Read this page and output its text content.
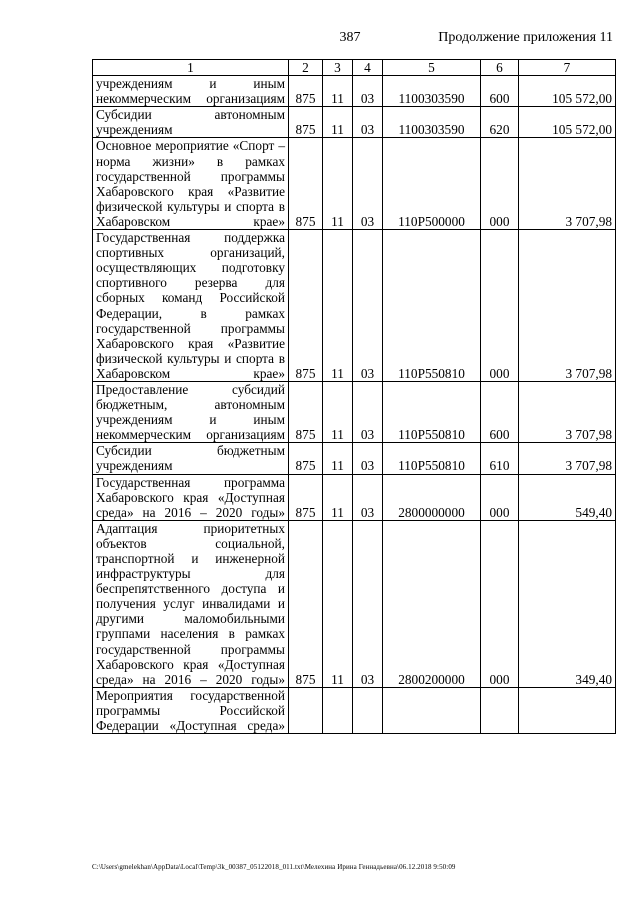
387	Продолжение приложения 11
1	2	3	4	5	6	7
учреждениям и иным некоммерческим организациям	875	11	03	1100303590	600	105 572,00
Субсидии автономным учреждениям	875	11	03	1100303590	620	105 572,00
Основное мероприятие «Спорт – норма жизни» в рамках государственной программы Хабаровского края «Развитие физической культуры и спорта в Хабаровском крае»	875	11	03	110Р500000	000	3 707,98
Государственная поддержка спортивных организаций, осуществляющих подготовку спортивного резерва для сборных команд Российской Федерации, в рамках государственной программы Хабаровского края «Развитие физической культуры и спорта в Хабаровском крае»	875	11	03	110Р550810	000	3 707,98
Предоставление субсидий бюджетным, автономным учреждениям и иным некоммерческим организациям	875	11	03	110Р550810	600	3 707,98
Субсидии бюджетным учреждениям	875	11	03	110Р550810	610	3 707,98
Государственная программа Хабаровского края «Доступная среда» на 2016 – 2020 годы»	875	11	03	2800000000	000	549,40
Адаптация приоритетных объектов социальной, транспортной и инженерной инфраструктуры для беспрепятственного доступа и получения услуг инвалидами и другими маломобильными группами населения в рамках государственной программы Хабаровского края «Доступная среда» на 2016 – 2020 годы»	875	11	03	2800200000	000	349,40
Мероприятия государственной программы Российской Федерации «Доступная среда»						
C:\Users\gmelekhan\AppData\Local\Temp\3k_00387_05122018_011.txt\Мелехина Ирина Геннадьевна\06.12.2018 9:50:09
